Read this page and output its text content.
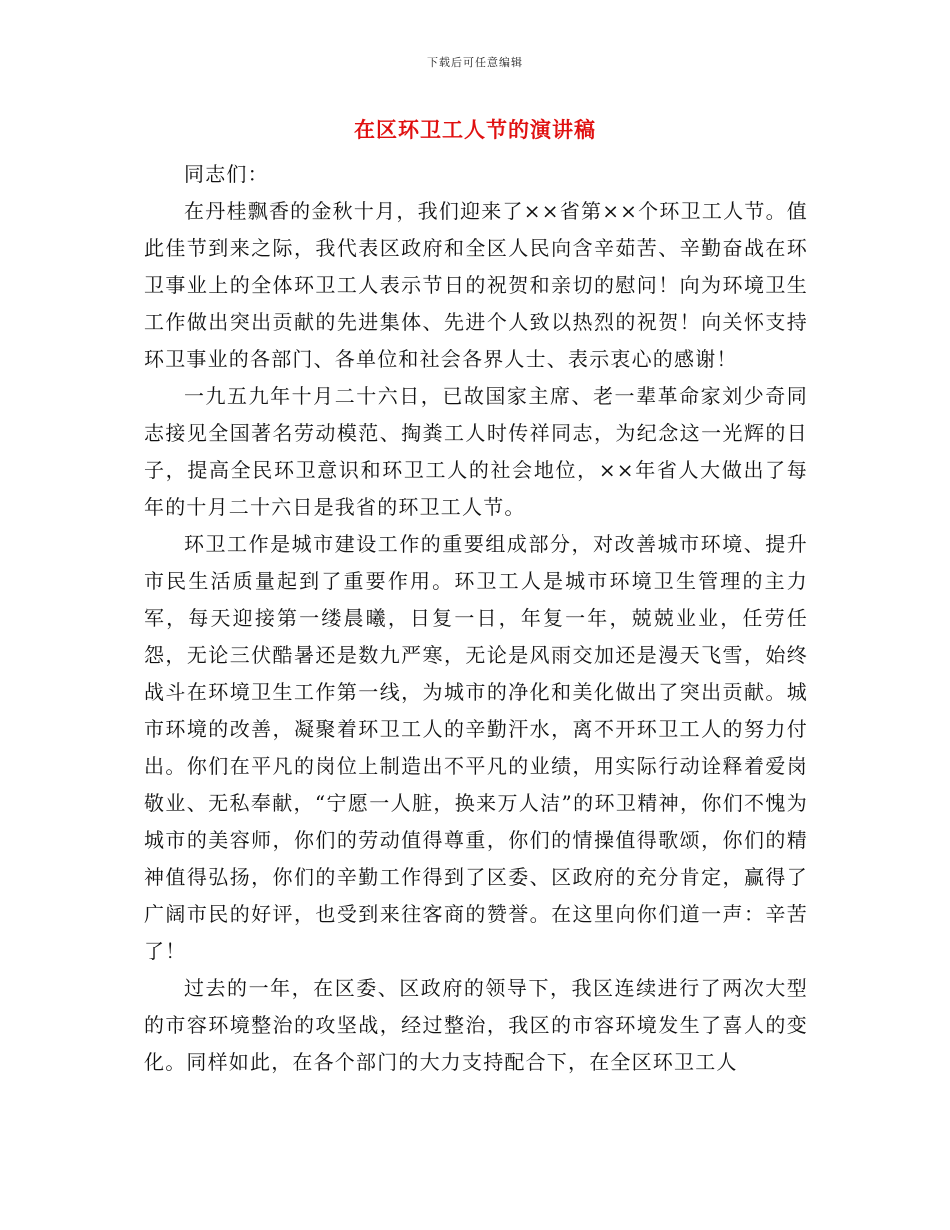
下载后可任意编辑
在区环卫工人节的演讲稿

同志们：

在丹桂飘香的金秋十月，我们迎来了××省第××个环卫工人节。值此佳节到来之际，我代表区政府和全区人民向含辛茹苦、辛勤奋战在环卫事业上的全体环卫工人表示节日的祝贺和亲切的慰问！向为环境卫生工作做出突出贡献的先进集体、先进个人致以热烈的祝贺！向关怀支持环卫事业的各部门、各单位和社会各界人士、表示衷心的感谢！

一九五九年十月二十六日，已故国家主席、老一辈革命家刘少奇同志接见全国著名劳动模范、掏粪工人时传祥同志，为纪念这一光辉的日子，提高全民环卫意识和环卫工人的社会地位，××年省人大做出了每年的十月二十六日是我省的环卫工人节。

环卫工作是城市建设工作的重要组成部分，对改善城市环境、提升市民生活质量起到了重要作用。环卫工人是城市环境卫生管理的主力军，每天迎接第一缕晨曦，日复一日，年复一年，兢兢业业，任劳任怨，无论三伏酷暑还是数九严寒，无论是风雨交加还是漫天飞雪，始终战斗在环境卫生工作第一线，为城市的净化和美化做出了突出贡献。城市环境的改善，凝聚着环卫工人的辛勤汗水，离不开环卫工人的努力付出。你们在平凡的岗位上制造出不平凡的业绩，用实际行动诠释着爱岗敬业、无私奉献，“宁愿一人脏，换来万人洁”的环卫精神，你们不愧为城市的美容师，你们的劳动值得尊重，你们的情操值得歌颂，你们的精神值得弘扬，你们的辛勤工作得到了区委、区政府的充分肯定，赢得了广阔市民的好评，也受到来往客商的赞誉。在这里向你们道一声：辛苦了！

过去的一年，在区委、区政府的领导下，我区连续进行了两次大型的市容环境整治的攻坚战，经过整治，我区的市容环境发生了喜人的变化。同样如此，在各个部门的大力支持配合下，在全区环卫工人
